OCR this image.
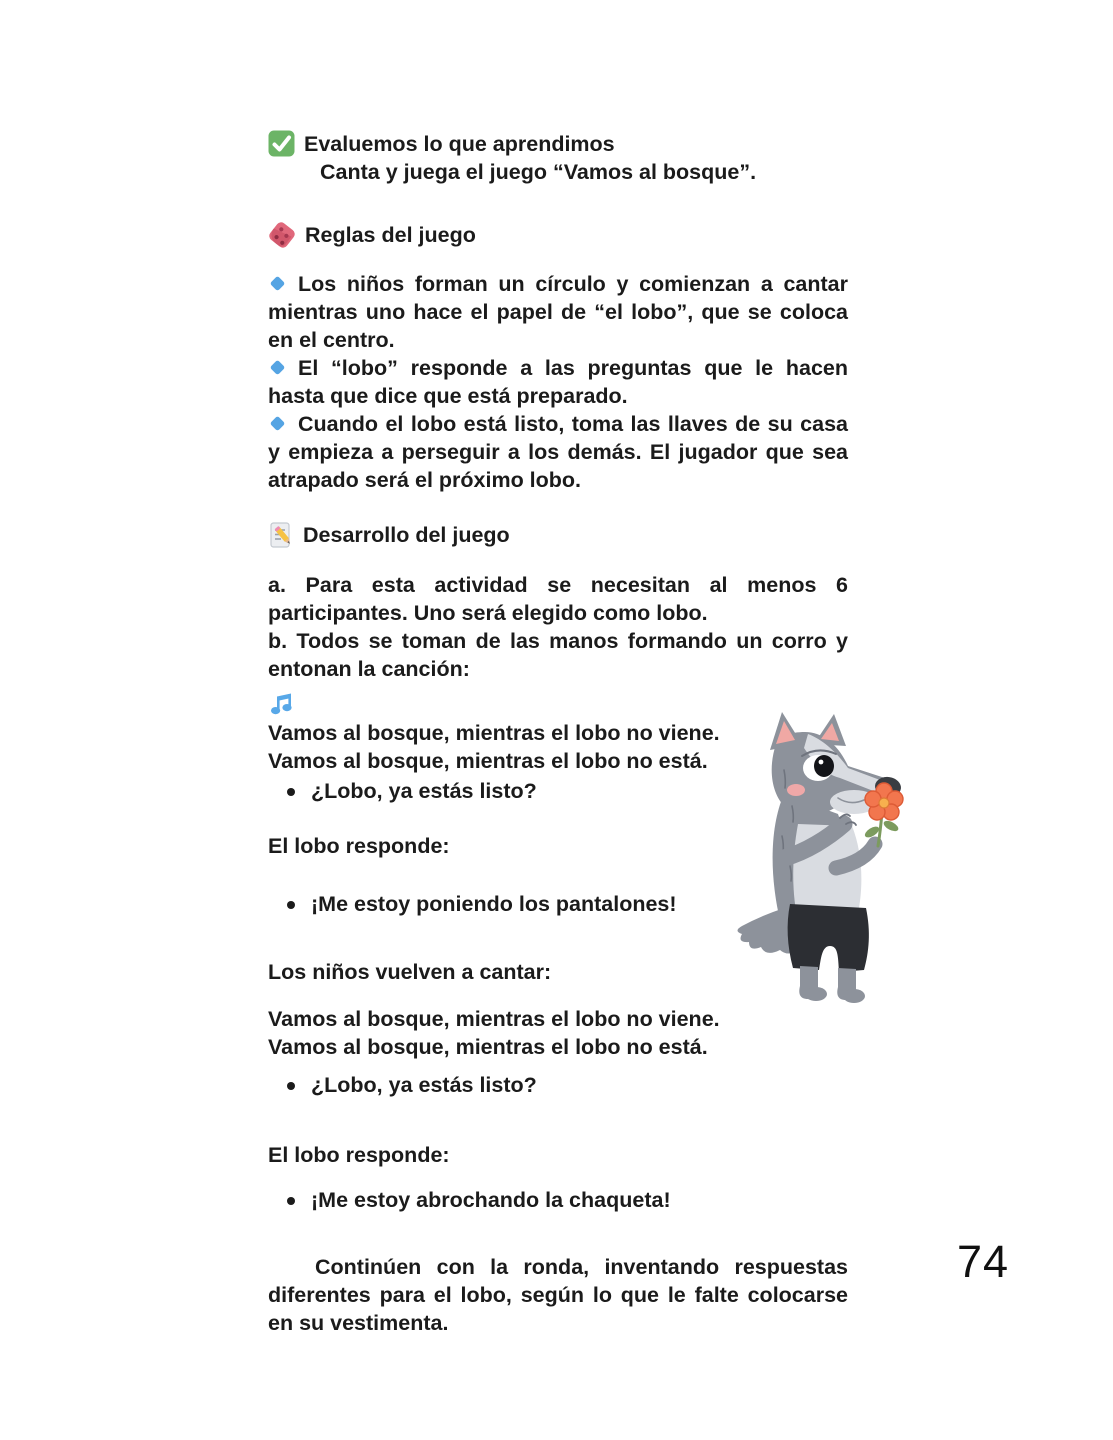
Evaluemos lo que aprendimos
Canta y juega el juego “Vamos al bosque”.
Reglas del juego

Los niños forman un círculo y comienzan a cantar mientras uno hace el papel de “el lobo”, que se coloca en el centro.

El “lobo” responde a las preguntas que le hacen hasta que dice que está preparado.

Cuando el lobo está listo, toma las llaves de su casa y empieza a perseguir a los demás. El jugador que sea atrapado será el próximo lobo.

Desarrollo del juego

a. Para esta actividad se necesitan al menos 6 participantes. Uno será elegido como lobo.

b. Todos se toman de las manos formando un corro y entonan la canción:

Vamos al bosque, mientras el lobo no viene.
Vamos al bosque, mientras el lobo no está.
¿Lobo, ya estás listo?
El lobo responde:
¡Me estoy poniendo los pantalones!
Los niños vuelven a cantar:
Vamos al bosque, mientras el lobo no viene.
Vamos al bosque, mientras el lobo no está.
¿Lobo, ya estás listo?
El lobo responde:
¡Me estoy abrochando la chaqueta!

Continúen con la ronda, inventando respuestas diferentes para el lobo, según lo que le falte colocarse en su vestimenta.

74
